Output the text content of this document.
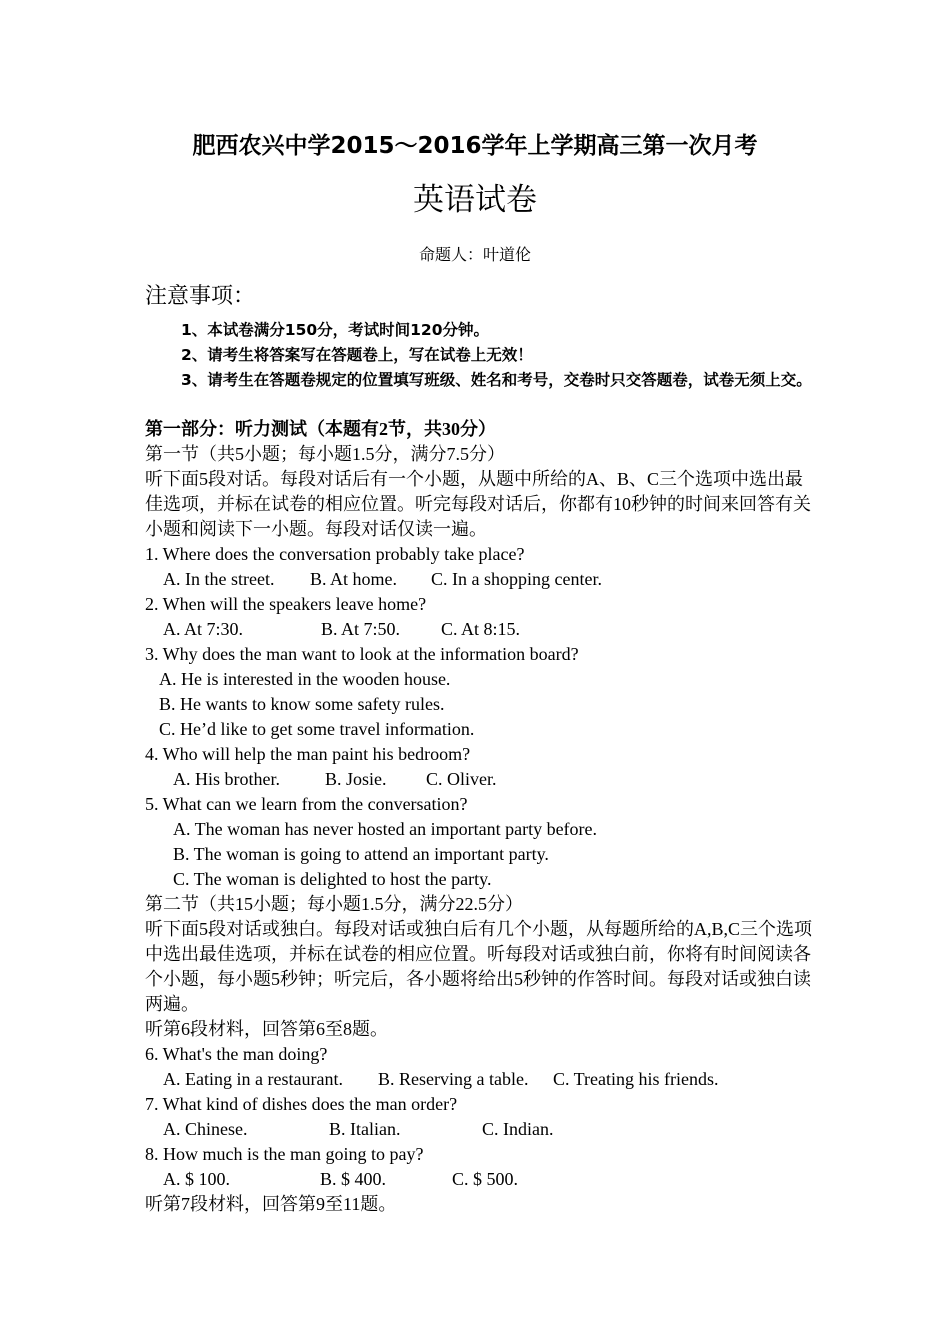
肥西农兴中学2015～2016学年上学期高三第一次月考
英语试卷
命题人：叶道伦
注意事项：

1、本试卷满分150分，考试时间120分钟。

2、请考生将答案写在答题卷上，写在试卷上无效！

3、请考生在答题卷规定的位置填写班级、姓名和考号，交卷时只交答题卷，试卷无须上交。

第一部分：听力测试（本题有2节，共30分）

第一节（共5小题；每小题1.5分，满分7.5分）

听下面5段对话。每段对话后有一个小题，从题中所给的A、B、C三个选项中选出最佳选项，并标在试卷的相应位置。听完每段对话后，你都有10秒钟的时间来回答有关小题和阅读下一小题。每段对话仅读一遍。

1. Where does the conversation probably take place?

A. In the street. B. At home. C. In a shopping center.

2. When will the speakers leave home?

A. At 7:30.	B. At 7:50. C. At 8:15.

3. Why does the man want to look at the information board?

A. He is interested in the wooden house.

B. He wants to know some safety rules.

C. He’d like to get some travel information.

4. Who will help the man paint his bedroom?

A. His brother.	B. Josie. C. Oliver.

5. What can we learn from the conversation?

A. The woman has never hosted an important party before.

B. The woman is going to attend an important party.

C. The woman is delighted to host the party.

第二节（共15小题；每小题1.5分，满分22.5分）

听下面5段对话或独白。每段对话或独白后有几个小题，从每题所给的A,B,C三个选项中选出最佳选项，并标在试卷的相应位置。听每段对话或独白前，你将有时间阅读各个小题，每小题5秒钟；听完后，各小题将给出5秒钟的作答时间。每段对话或独白读两遍。

听第6段材料，回答第6至8题。

6. What's the man doing?

A. Eating in a restaurant. B. Reserving a table. C. Treating his friends.

7. What kind of dishes does the man order?

A. Chinese.	B. Italian.	C. Indian.

8. How much is the man going to pay?

A. $ 100.	B. $ 400.	C. $ 500.

听第7段材料，回答第9至11题。
